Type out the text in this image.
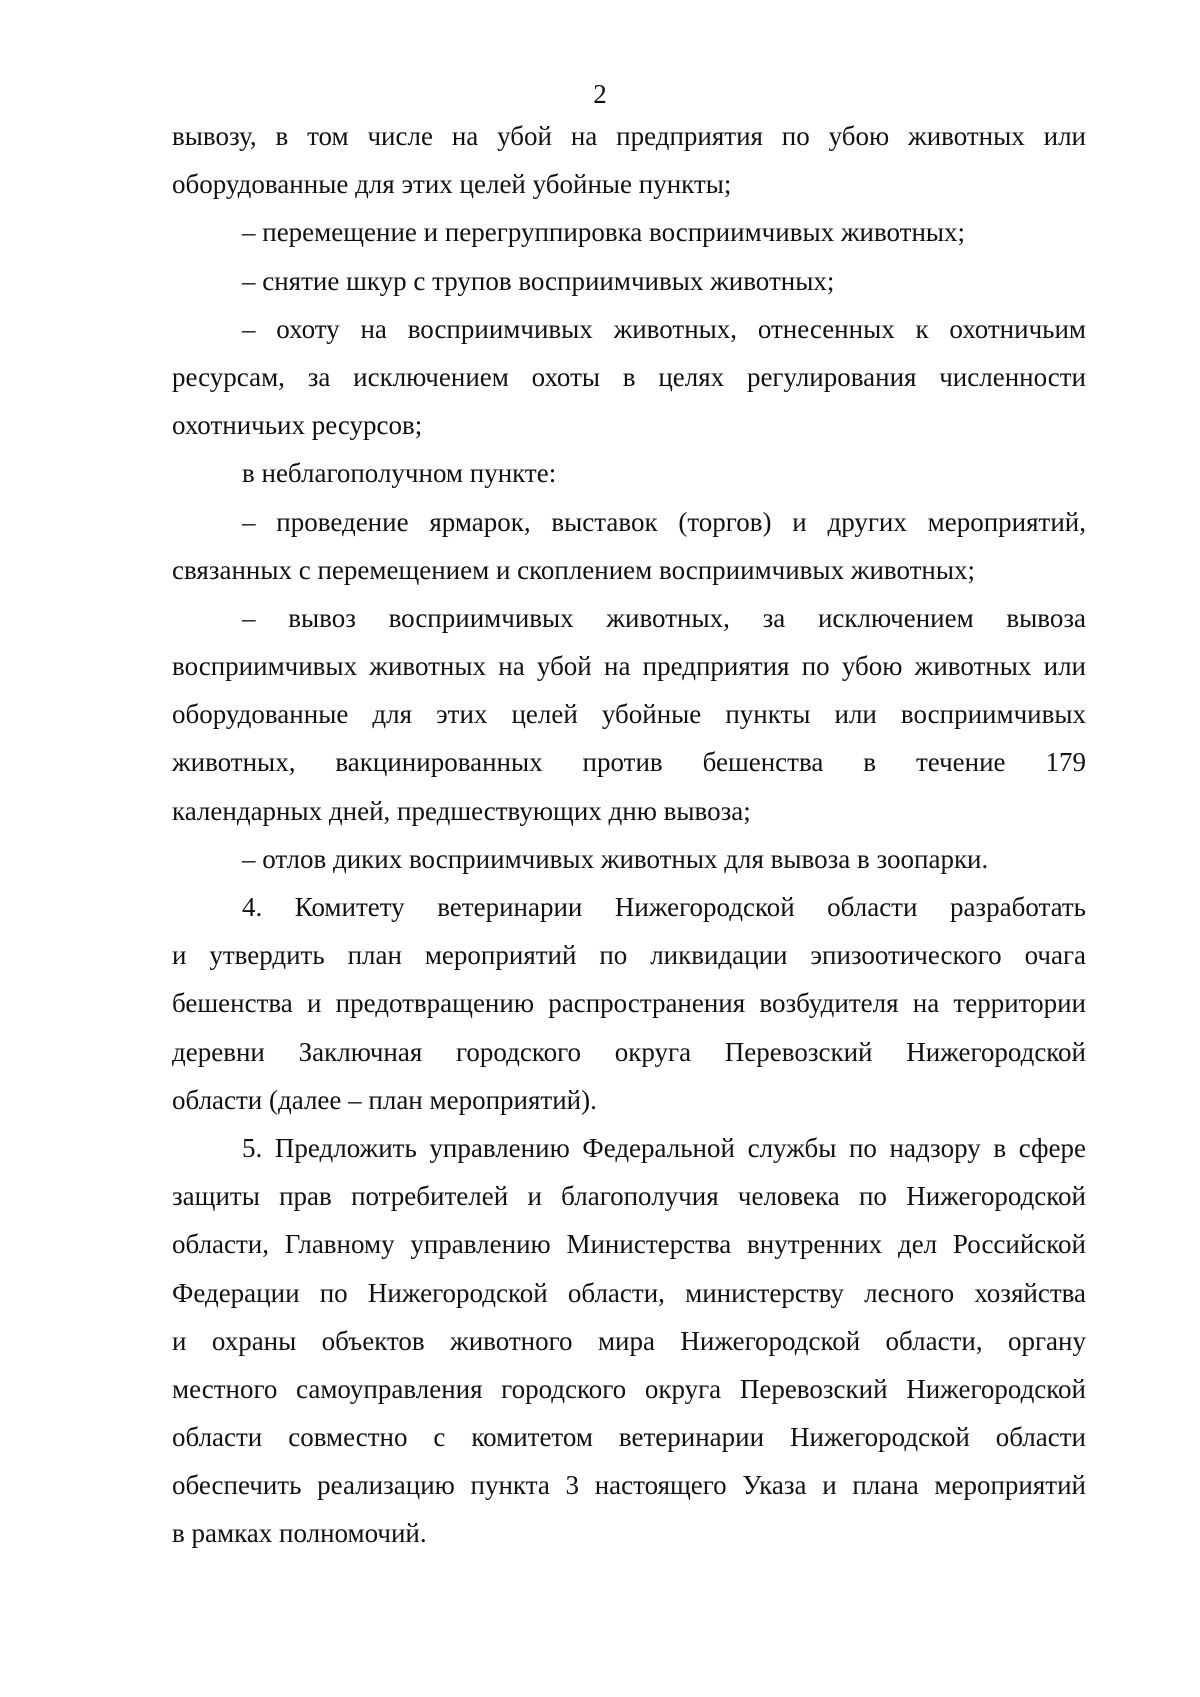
2
вывозу, в том числе на убой на предприятия по убою животных или
оборудованные для этих целей убойные пункты;
– перемещение и перегруппировка восприимчивых животных;
– снятие шкур с трупов восприимчивых животных;
– охоту на восприимчивых животных, отнесенных к охотничьим
ресурсам, за исключением охоты в целях регулирования численности
охотничьих ресурсов;
в неблагополучном пункте:
– проведение ярмарок, выставок (торгов) и других мероприятий,
связанных с перемещением и скоплением восприимчивых животных;
– вывоз восприимчивых животных, за исключением вывоза
восприимчивых животных на убой на предприятия по убою животных или
оборудованные для этих целей убойные пункты или восприимчивых
животных, вакцинированных против бешенства в течение 179
календарных дней, предшествующих дню вывоза;
– отлов диких восприимчивых животных для вывоза в зоопарки.
4. Комитету ветеринарии Нижегородской области разработать
и утвердить план мероприятий по ликвидации эпизоотического очага
бешенства и предотвращению распространения возбудителя на территории
деревни Заключная городского округа Перевозский Нижегородской
области (далее – план мероприятий).
5. Предложить управлению Федеральной службы по надзору в сфере
защиты прав потребителей и благополучия человека по Нижегородской
области, Главному управлению Министерства внутренних дел Российской
Федерации по Нижегородской области, министерству лесного хозяйства
и охраны объектов животного мира Нижегородской области, органу
местного самоуправления городского округа Перевозский Нижегородской
области совместно с комитетом ветеринарии Нижегородской области
обеспечить реализацию пункта 3 настоящего Указа и плана мероприятий
в рамках полномочий.
